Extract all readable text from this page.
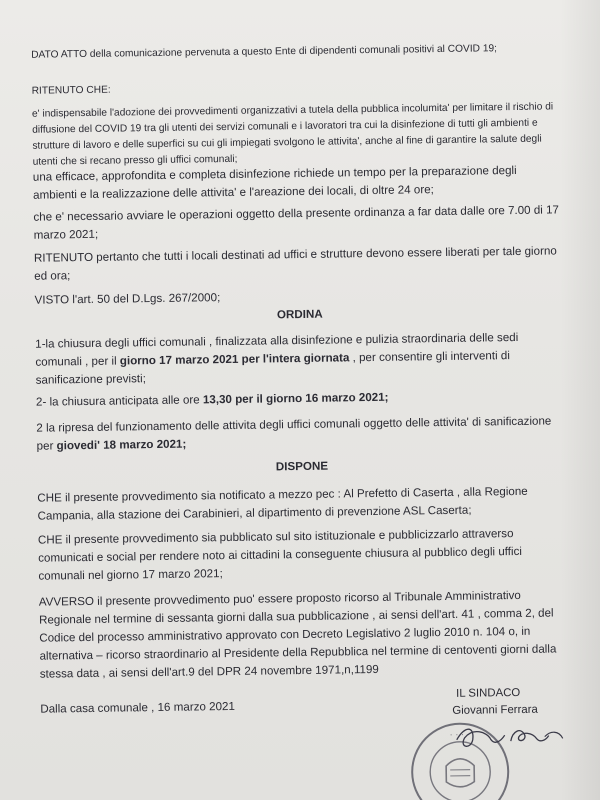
DATO ATTO della comunicazione pervenuta a questo Ente di dipendenti comunali positivi al COVID 19;

RITENUTO CHE:

e' indispensabile l'adozione dei provvedimenti organizzativi a tutela della pubblica incolumita' per limitare il rischio di diffusione del COVID 19 tra gli utenti dei servizi comunali e i lavoratori tra cui la disinfezione di tutti gli ambienti e strutture di lavoro e delle superfici su cui gli impiegati svolgono le attivita', anche al fine di garantire la salute degli utenti che si recano presso gli uffici comunali;

una efficace, approfondita e completa disinfezione richiede un tempo per la preparazione degli ambienti e la realizzazione delle attivita' e l'areazione dei locali, di oltre 24 ore;

che e' necessario avviare le operazioni oggetto della presente ordinanza a far data dalle ore 7.00 di 17 marzo 2021;

RITENUTO pertanto che tutti i locali destinati ad uffici e strutture devono essere liberati per tale giorno ed ora;

VISTO l'art. 50 del D.Lgs. 267/2000;

ORDINA

1-la chiusura degli uffici comunali , finalizzata alla disinfezione e pulizia straordinaria delle sedi comunali , per il giorno 17 marzo 2021 per l'intera giornata , per consentire gli interventi di sanificazione previsti;

2- la chiusura anticipata alle ore 13,30 per il giorno 16 marzo 2021;

2 la ripresa del funzionamento delle attivita degli uffici comunali oggetto delle attivita' di sanificazione per giovedi' 18 marzo 2021;

DISPONE

CHE il presente provvedimento sia notificato a mezzo pec : Al Prefetto di Caserta , alla Regione Campania, alla stazione dei Carabinieri, al dipartimento di prevenzione ASL Caserta;

CHE il presente provvedimento sia pubblicato sul sito istituzionale e pubblicizzarlo attraverso comunicati e social per rendere noto ai cittadini la conseguente chiusura al pubblico degli uffici comunali nel giorno 17 marzo 2021;

AVVERSO il presente provvedimento puo' essere proposto ricorso al Tribunale Amministrativo Regionale nel termine di sessanta giorni dalla sua pubblicazione , ai sensi dell'art. 41 , comma 2, del Codice del processo amministrativo approvato con Decreto Legislativo 2 luglio 2010 n. 104 o, in alternativa – ricorso straordinario al Presidente della Repubblica nel termine di centoventi giorni dalla stessa data , ai sensi dell'art.9 del DPR 24 novembre 1971,n,1199

Dalla casa comunale , 16 marzo 2021

IL SINDACO
Giovanni Ferrara
· · · ·
